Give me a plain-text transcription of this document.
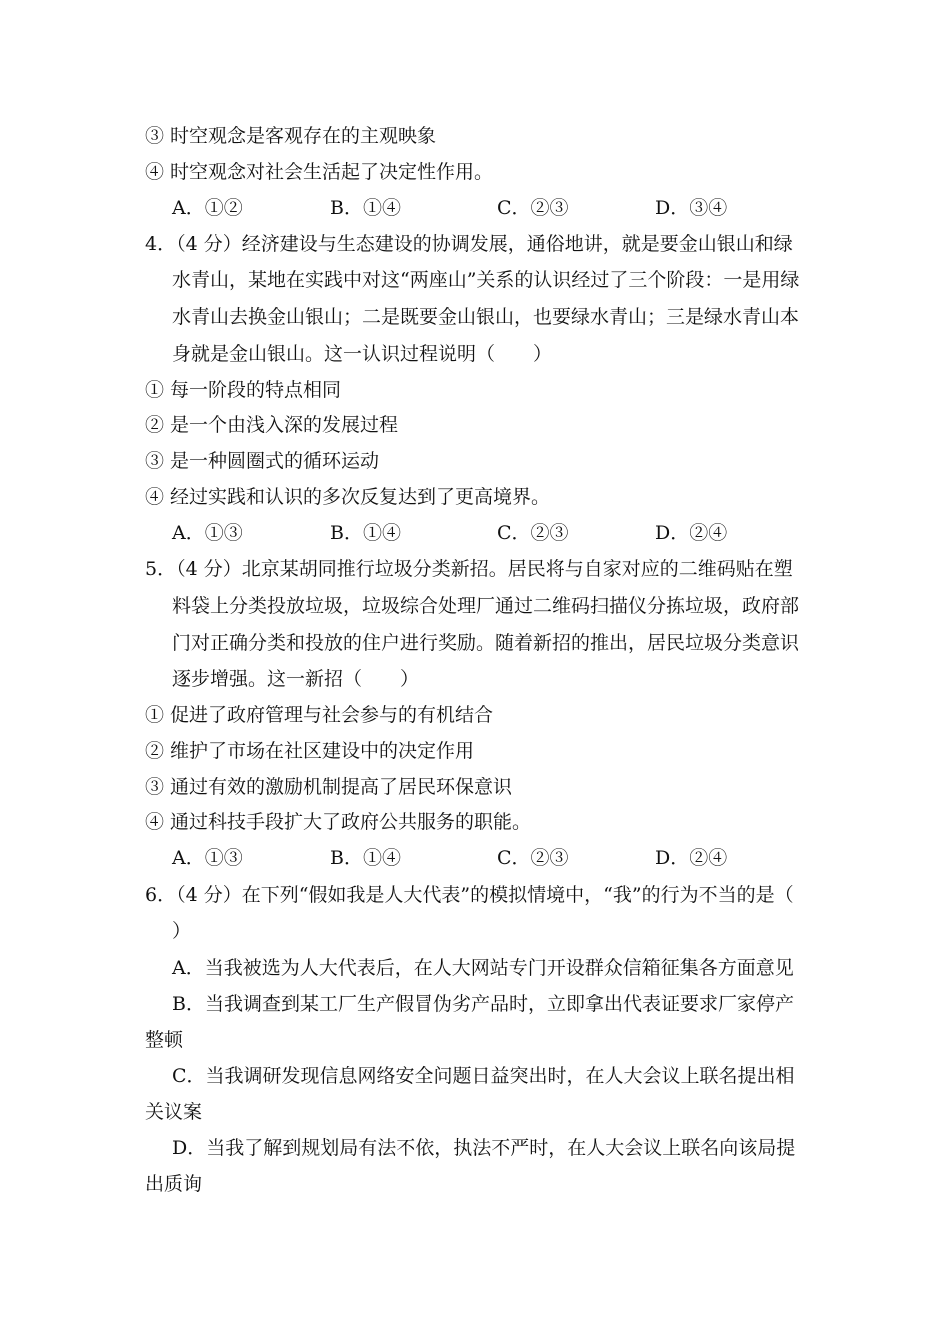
③ 时空观念是客观存在的主观映象
④ 时空观念对社会生活起了决定性作用。
A．①②	B．①④	C．②③	D．③④
4．（4 分）经济建设与生态建设的协调发展，通俗地讲，就是要金山银山和绿
水青山，某地在实践中对这“两座山”关系的认识经过了三个阶段：一是用绿
水青山去换金山银山；二是既要金山银山，也要绿水青山；三是绿水青山本
身就是金山银山。这一认识过程说明（　　）
① 每一阶段的特点相同
② 是一个由浅入深的发展过程
③ 是一种圆圈式的循环运动
④ 经过实践和认识的多次反复达到了更高境界。
A．①③	B．①④	C．②③	D．②④
5．（4 分）北京某胡同推行垃圾分类新招。居民将与自家对应的二维码贴在塑
料袋上分类投放垃圾，垃圾综合处理厂通过二维码扫描仪分拣垃圾，政府部
门对正确分类和投放的住户进行奖励。随着新招的推出，居民垃圾分类意识
逐步增强。这一新招（　　）
① 促进了政府管理与社会参与的有机结合
② 维护了市场在社区建设中的决定作用
③ 通过有效的激励机制提高了居民环保意识
④ 通过科技手段扩大了政府公共服务的职能。
A．①③	B．①④	C．②③	D．②④
6．（4 分）在下列“假如我是人大代表”的模拟情境中，“我”的行为不当的是（
）
A．当我被选为人大代表后，在人大网站专门开设群众信箱征集各方面意见
B．当我调查到某工厂生产假冒伪劣产品时，立即拿出代表证要求厂家停产
整顿
C．当我调研发现信息网络安全问题日益突出时，在人大会议上联名提出相
关议案
D．当我了解到规划局有法不依，执法不严时，在人大会议上联名向该局提
出质询
